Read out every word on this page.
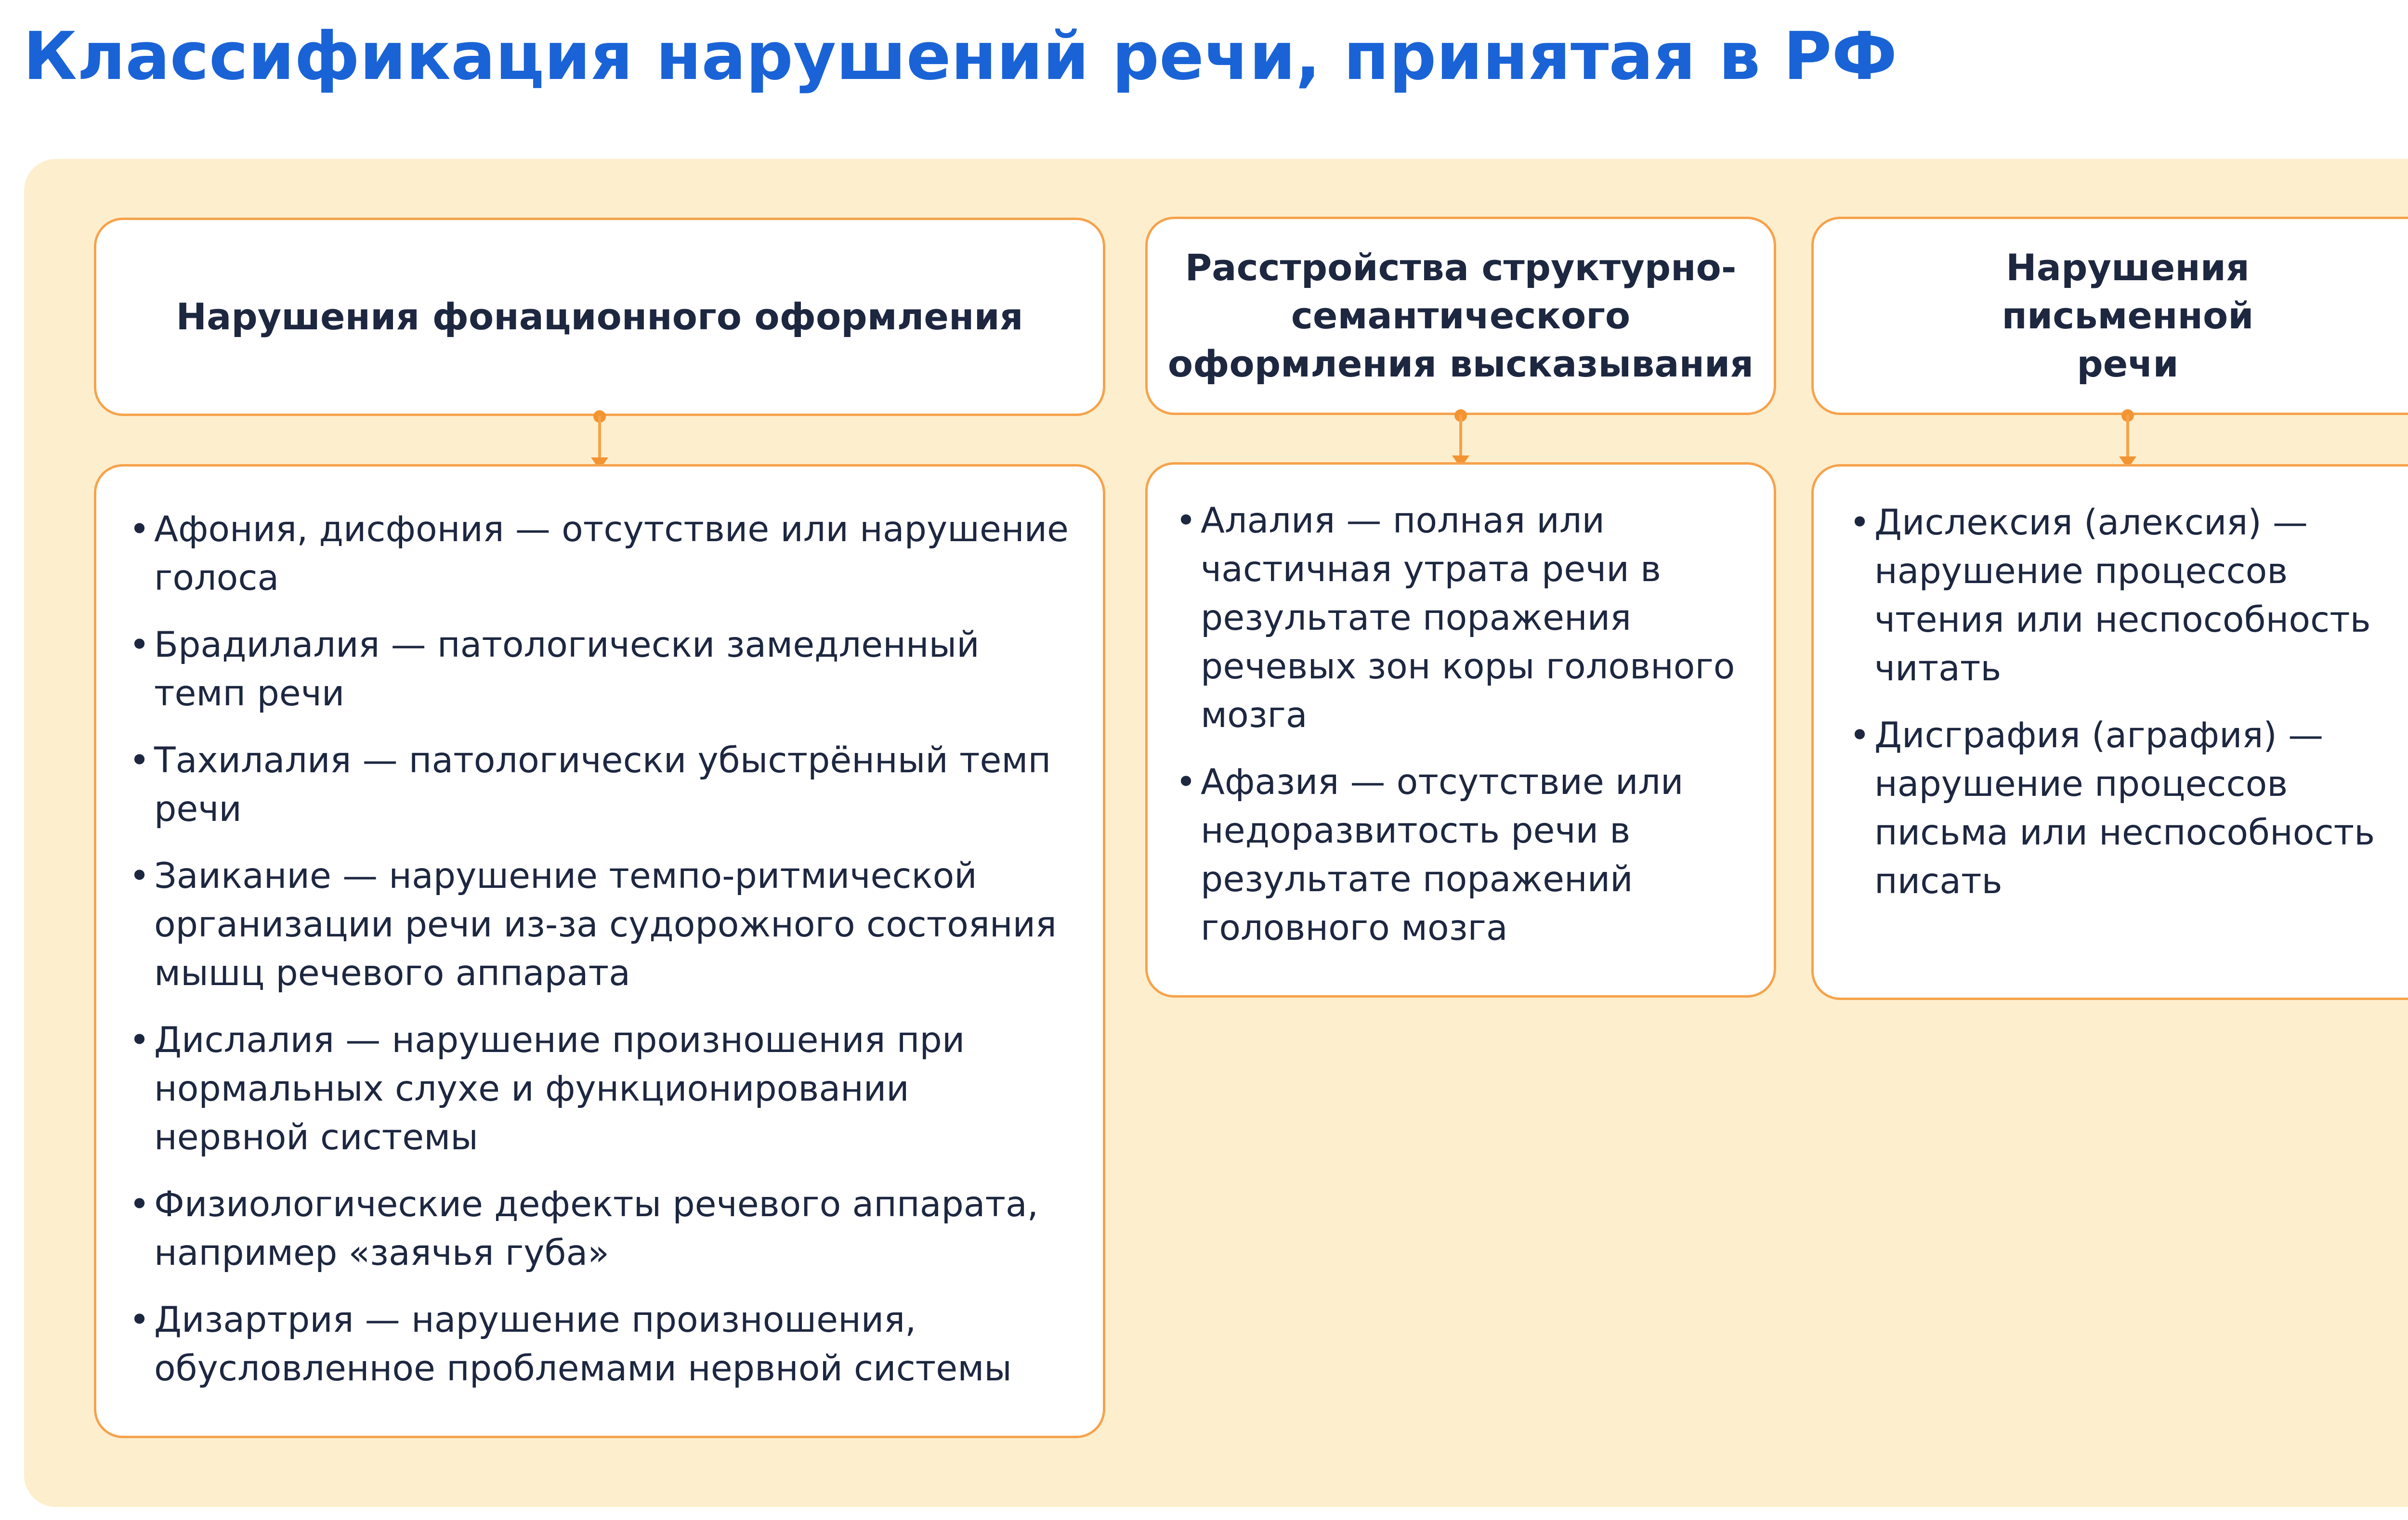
Классификация нарушений речи, принятая в РФ
Нарушения фонационного оформления
• Афония, дисфония — отсутствие или нарушение голоса
• Брадилалия — патологически замедленный темп речи
• Тахилалия — патологически убыстрённый темп речи
• Заикание — нарушение темпо-ритмической организации речи из-за судорожного состояния мышц речевого аппарата
• Дислалия — нарушение произношения при нормальных слухе и функционировании нервной системы
• Физиологические дефекты речевого аппарата, например «заячья губа»
• Дизартрия — нарушение произношения, обусловленное проблемами нервной системы
Расстройства структурно-семантического оформления высказывания
• Алалия — полная или частичная утрата речи в результате поражения речевых зон коры головного мозга
• Афазия — отсутствие или недоразвитость речи в результате поражений головного мозга
Нарушения письменной речи
• Дислексия (алексия) — нарушение процессов чтения или неспособность читать
• Дисграфия (аграфия) — нарушение процессов письма или неспособность писать
